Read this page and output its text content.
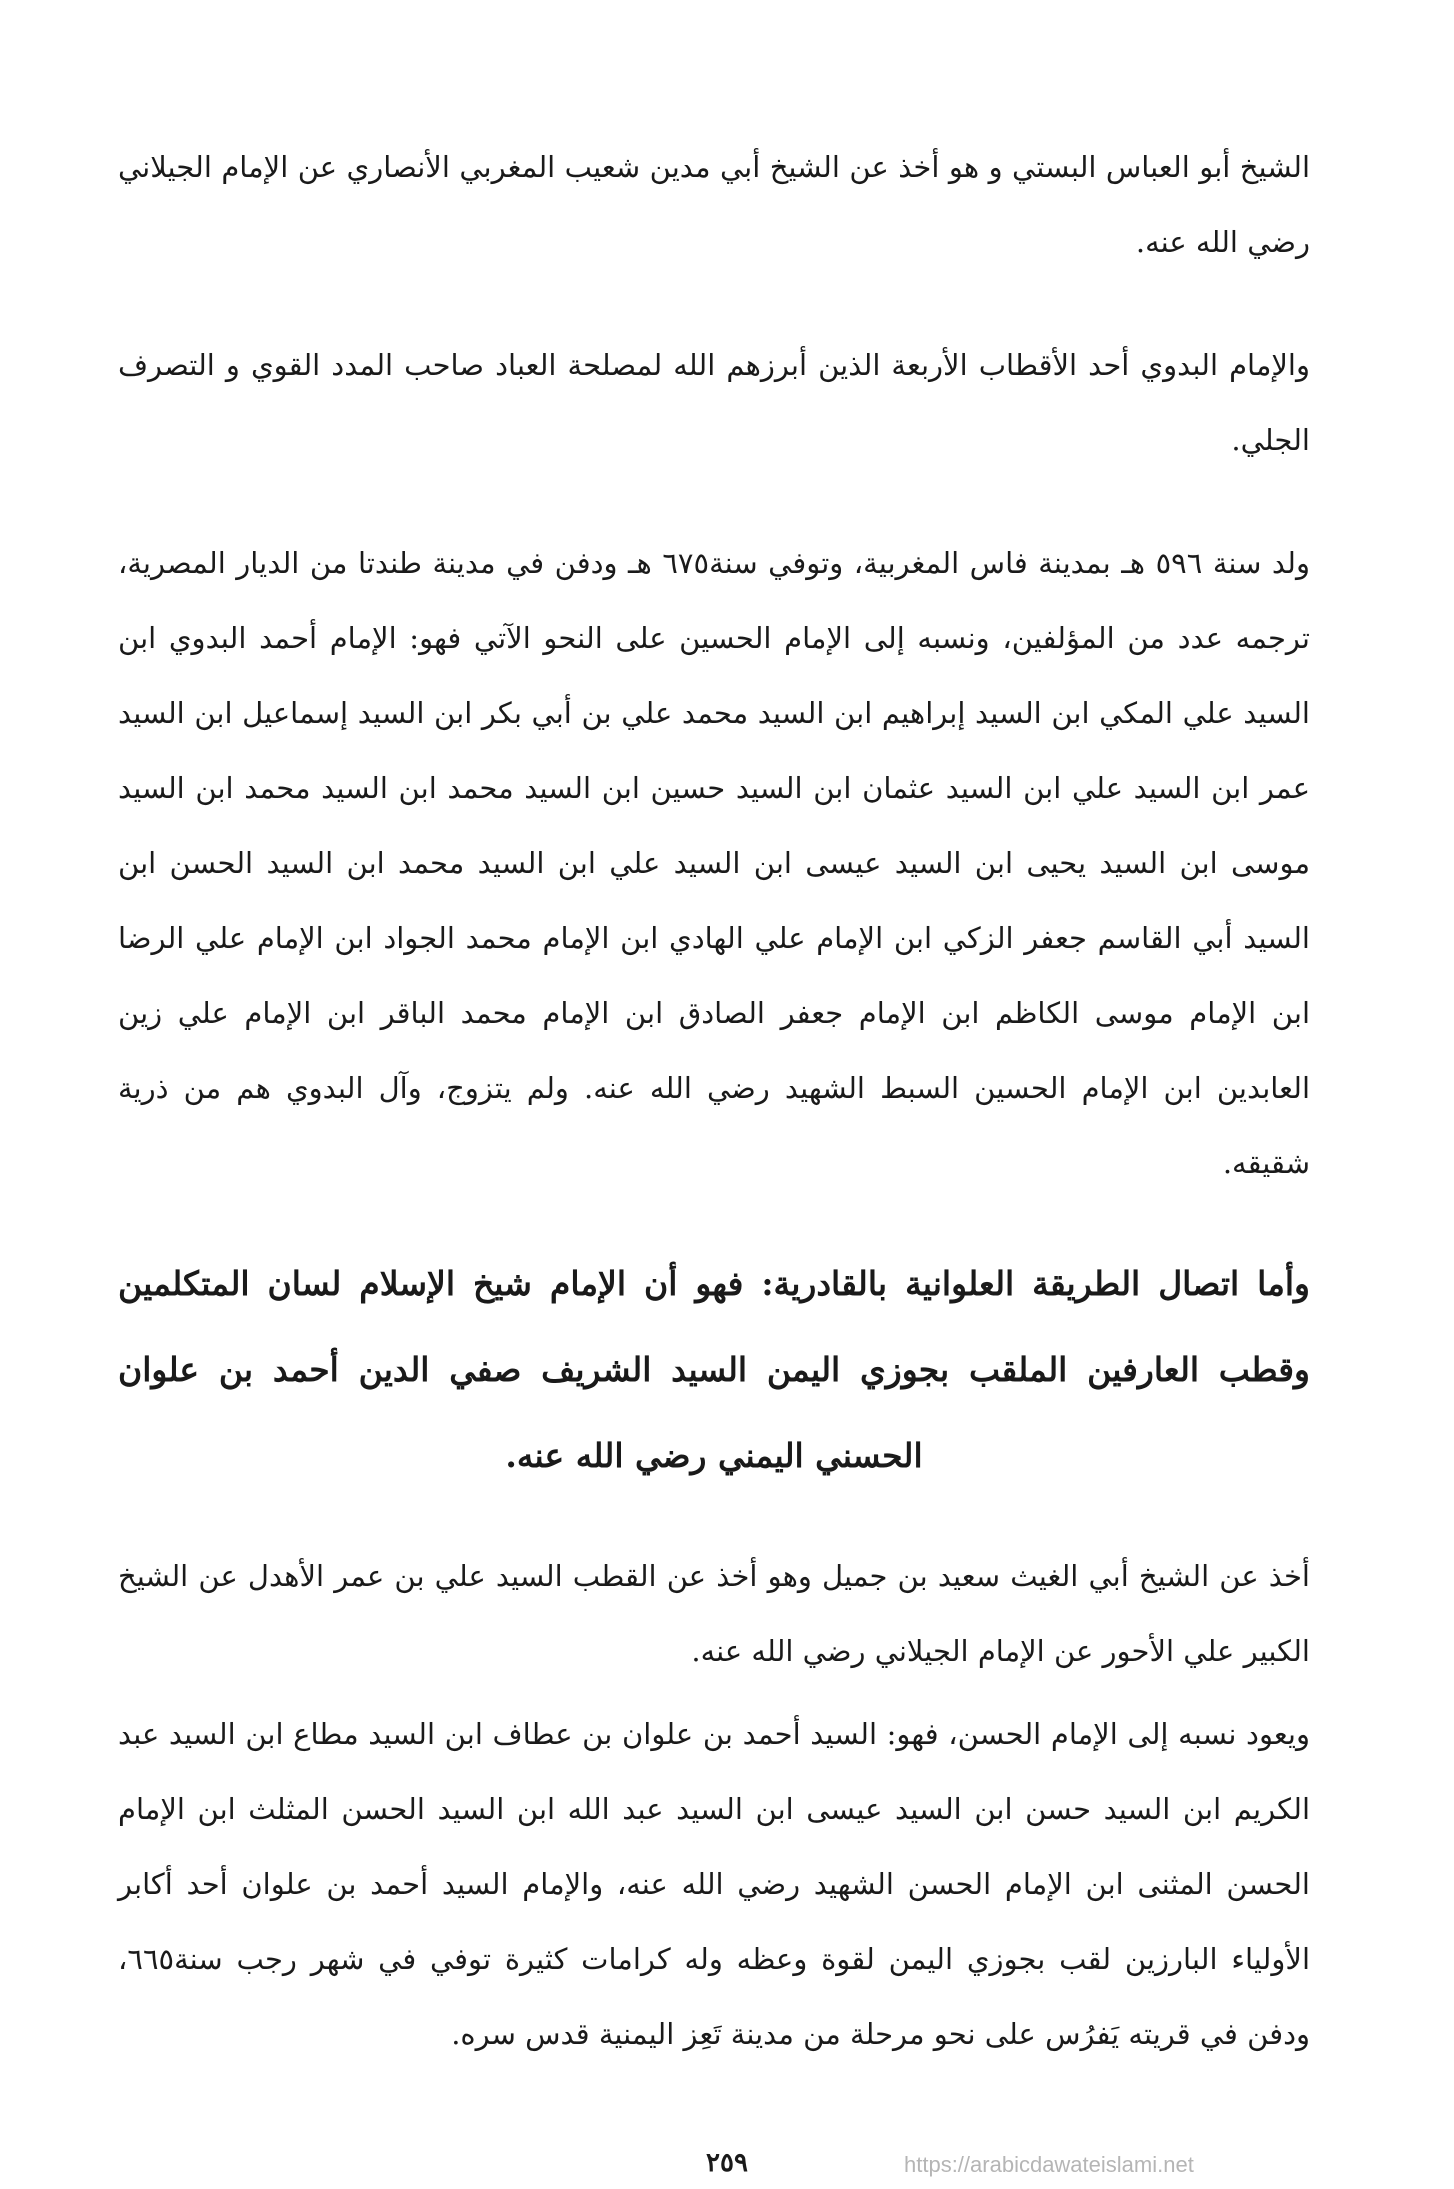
الشيخ أبو العباس البستي و هو أخذ عن الشيخ أبي مدين شعيب المغربي الأنصاري عن الإمام الجيلاني رضي الله عنه.

والإمام البدوي أحد الأقطاب الأربعة الذين أبرزهم الله لمصلحة العباد صاحب المدد القوي و التصرف الجلي.

ولد سنة ٥٩٦ هـ بمدينة فاس المغربية، وتوفي سنة٦٧٥ هـ ودفن في مدينة طندتا من الديار المصرية، ترجمه عدد من المؤلفين، ونسبه إلى الإمام الحسين على النحو الآتي فهو: الإمام أحمد البدوي ابن السيد علي المكي ابن السيد إبراهيم ابن السيد محمد علي بن أبي بكر ابن السيد إسماعيل ابن السيد عمر ابن السيد علي ابن السيد عثمان ابن السيد حسين ابن السيد محمد ابن السيد محمد ابن السيد موسى ابن السيد يحيى ابن السيد عيسى ابن السيد علي ابن السيد محمد ابن السيد الحسن ابن السيد أبي القاسم جعفر الزكي ابن الإمام علي الهادي ابن الإمام محمد الجواد ابن الإمام علي الرضا ابن الإمام موسى الكاظم ابن الإمام جعفر الصادق ابن الإمام محمد الباقر ابن الإمام علي زين العابدين ابن الإمام الحسين السبط الشهيد رضي الله عنه. ولم يتزوج، وآل البدوي هم من ذرية شقيقه.

وأما اتصال الطريقة العلوانية بالقادرية: فهو أن الإمام شيخ الإسلام لسان المتكلمين وقطب العارفين الملقب بجوزي اليمن السيد الشريف صفي الدين أحمد بن علوان الحسني اليمني رضي الله عنه.

أخذ عن الشيخ أبي الغيث سعيد بن جميل وهو أخذ عن القطب السيد علي بن عمر الأهدل عن الشيخ الكبير علي الأحور عن الإمام الجيلاني رضي الله عنه.

ويعود نسبه إلى الإمام الحسن، فهو: السيد أحمد بن علوان بن عطاف ابن السيد مطاع ابن السيد عبد الكريم ابن السيد حسن ابن السيد عيسى ابن السيد عبد الله ابن السيد الحسن المثلث ابن الإمام الحسن المثنى ابن الإمام الحسن الشهيد رضي الله عنه، والإمام السيد أحمد بن علوان أحد أكابر الأولياء البارزين لقب بجوزي اليمن لقوة وعظه وله كرامات كثيرة توفي في شهر رجب سنة٦٦٥، ودفن في قريته يَفرُس على نحو مرحلة من مدينة تَعِز اليمنية قدس سره.

٢٥٩	https://arabicdawateislami.net
